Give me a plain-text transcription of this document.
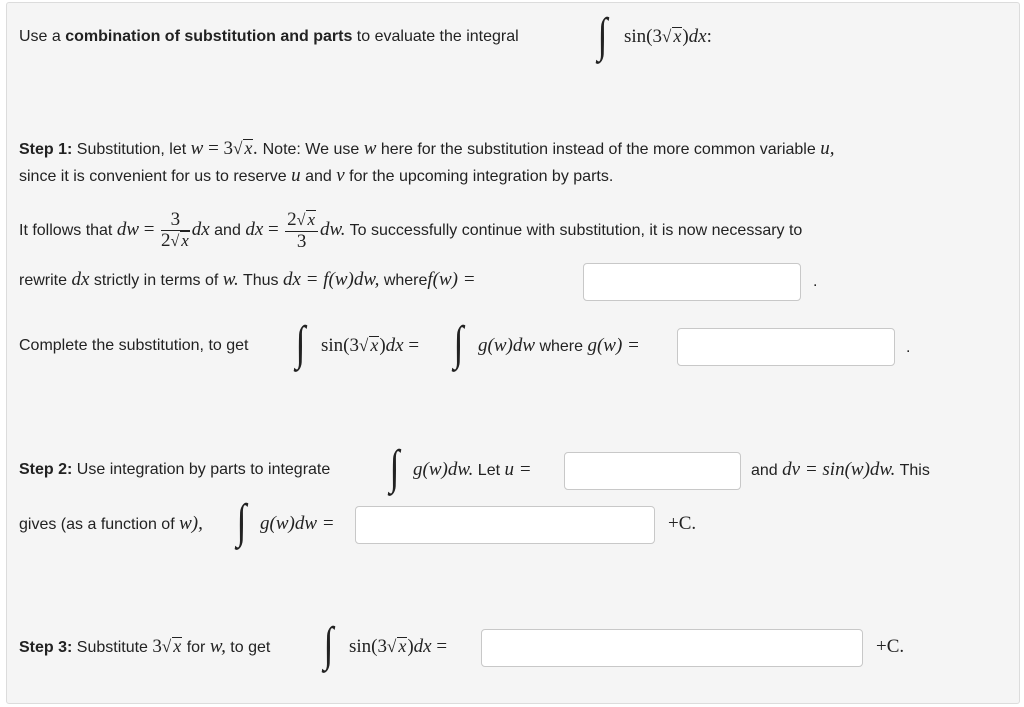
Use a combination of substitution and parts to evaluate the integral ∫ sin(3√ x)dx:
Step 1: Substitution, let w = 3√ x. Note: We use w here for the substitution instead of the more common variable u,
since it is convenient for us to reserve u and v for the upcoming integration by parts.
It follows that dw = $\frac{3}{2√ x}$ dx and dx = $\frac{2√ x}{3}$ dw. To successfully continue with substitution, it is now necessary to
rewrite dx strictly in terms of w. Thus dx = f(w)dw, wheref(w) =	.
Complete the substitution, to get ∫ sin(3√ x)dx = ∫ g(w)dw where g(w) =	.
Step 2: Use integration by parts to integrate ∫ g(w)dw. Let u =	and dv = sin(w)dw. This
gives (as a function of w), ∫ g(w)dw =	+C.
Step 3: Substitute 3√ x for w, to get ∫ sin(3√ x)dx =	+C.
